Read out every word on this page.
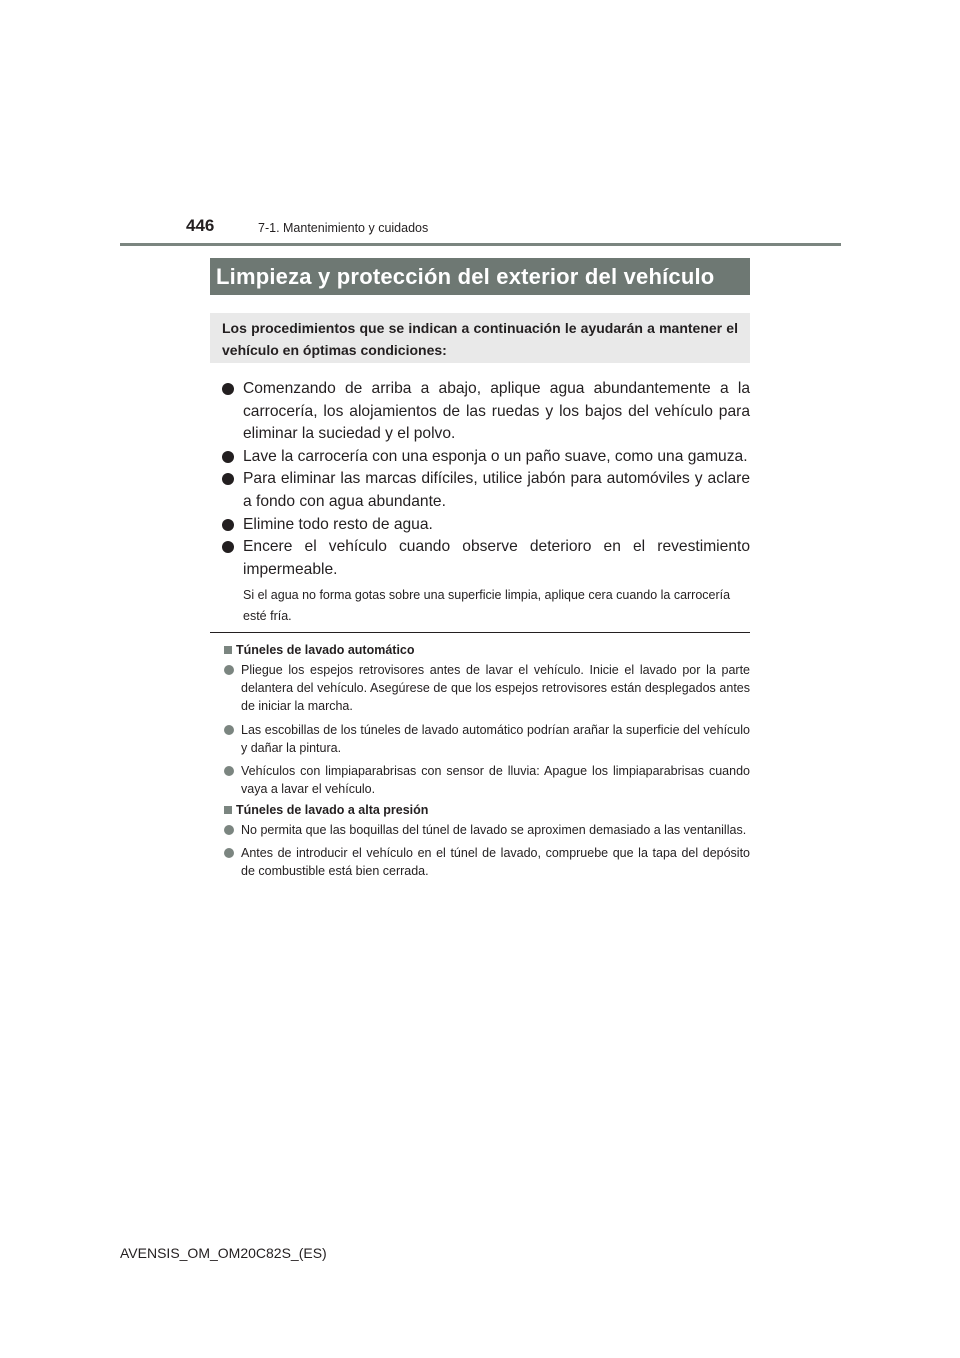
446	7-1. Mantenimiento y cuidados
Limpieza y protección del exterior del vehículo
Los procedimientos que se indican a continuación le ayudarán a mantener el vehículo en óptimas condiciones:
Comenzando de arriba a abajo, aplique agua abundantemente a la carrocería, los alojamientos de las ruedas y los bajos del vehículo para eliminar la suciedad y el polvo.
Lave la carrocería con una esponja o un paño suave, como una gamuza.
Para eliminar las marcas difíciles, utilice jabón para automóviles y aclare a fondo con agua abundante.
Elimine todo resto de agua.
Encere el vehículo cuando observe deterioro en el revestimiento impermeable.
Si el agua no forma gotas sobre una superficie limpia, aplique cera cuando la carrocería esté fría.
Túneles de lavado automático
Pliegue los espejos retrovisores antes de lavar el vehículo. Inicie el lavado por la parte delantera del vehículo. Asegúrese de que los espejos retrovisores están desplegados antes de iniciar la marcha.
Las escobillas de los túneles de lavado automático podrían arañar la superficie del vehículo y dañar la pintura.
Vehículos con limpiaparabrisas con sensor de lluvia: Apague los limpiaparabrisas cuando vaya a lavar el vehículo.
Túneles de lavado a alta presión
No permita que las boquillas del túnel de lavado se aproximen demasiado a las ventanillas.
Antes de introducir el vehículo en el túnel de lavado, compruebe que la tapa del depósito de combustible está bien cerrada.
AVENSIS_OM_OM20C82S_(ES)
